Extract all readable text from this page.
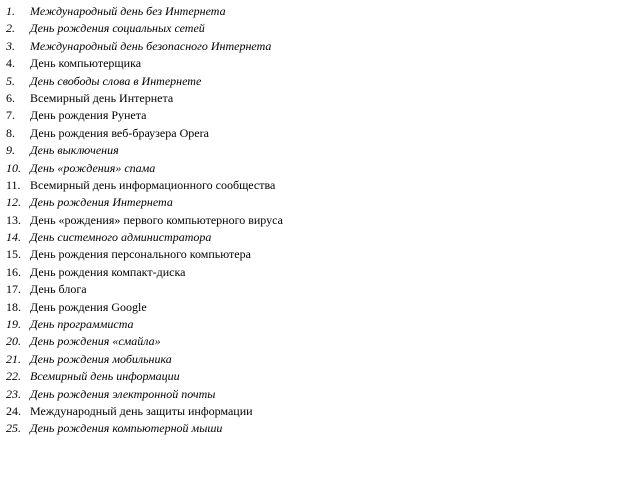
1.	Международный день без Интернета
2.	День рождения социальных сетей
3.	Международный день безопасного Интернета
4.	День компьютерщика
5.	День свободы слова в Интернете
6.	Всемирный день Интернета
7.	День рождения Рунета
8.	День рождения веб-браузера Opera
9.	День выключения
10. День «рождения» спама
11. Всемирный день информационного сообщества
12. День рождения Интернета
13. День «рождения» первого компьютерного вируса
14. День системного администратора
15. День рождения персонального компьютера
16. День рождения компакт-диска
17. День блога
18. День рождения Google
19. День программиста
20. День рождения «смайла»
21. День рождения мобильника
22. Всемирный день информации
23. День рождения электронной почты
24. Международный день защиты информации
25. День рождения компьютерной мыши
